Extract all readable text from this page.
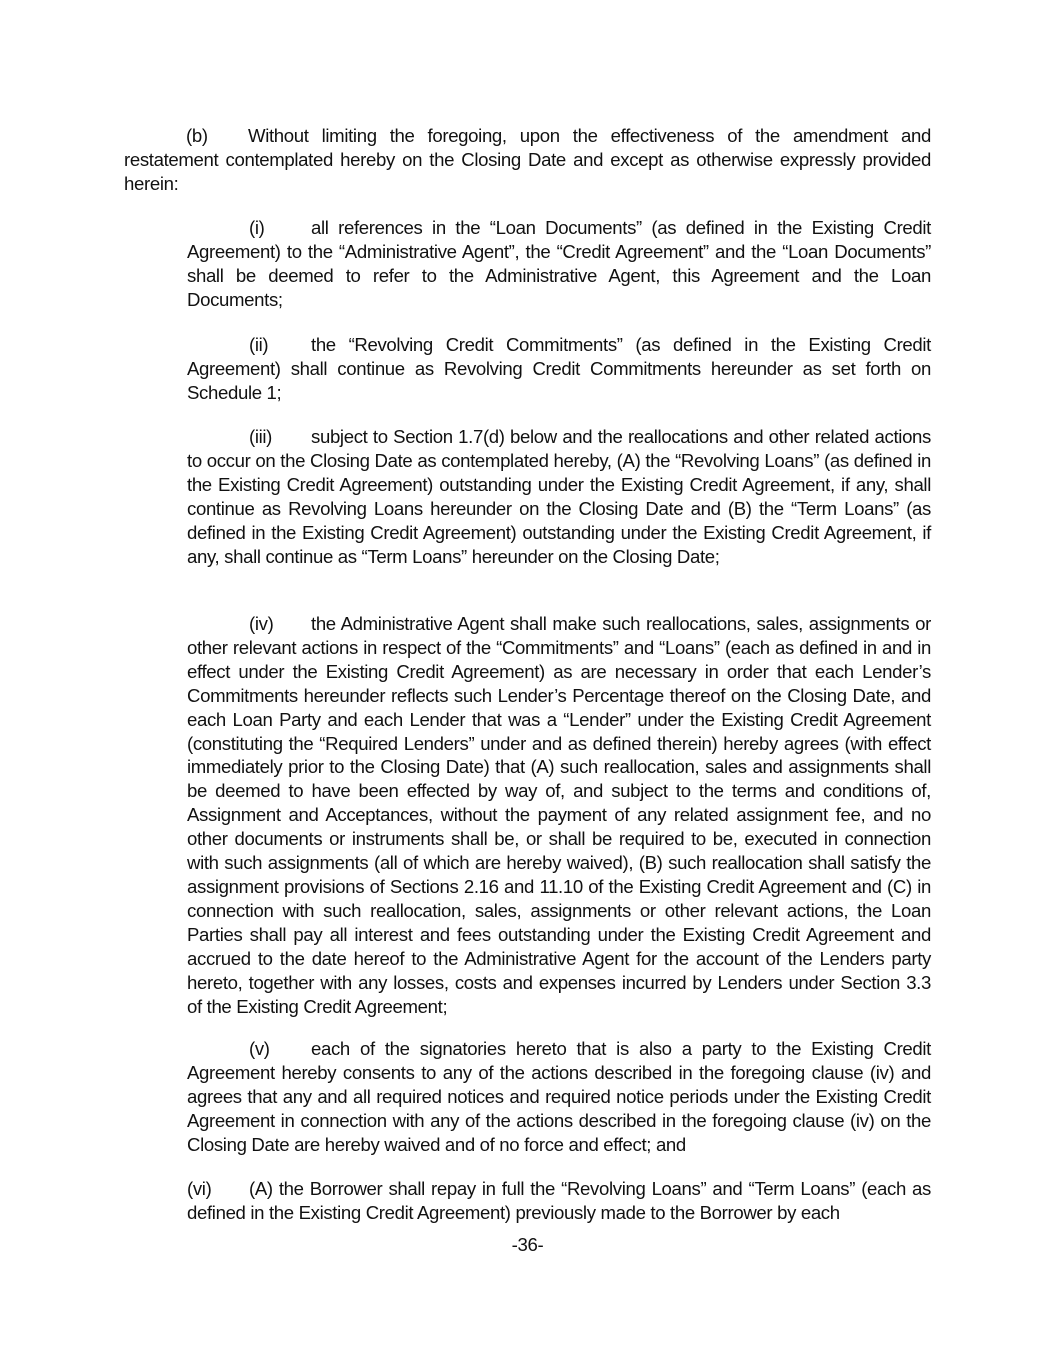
(b) Without limiting the foregoing, upon the effectiveness of the amendment and restatement contemplated hereby on the Closing Date and except as otherwise expressly provided herein:

(i)	all references in the “Loan Documents” (as defined in the Existing Credit Agreement) to the “Administrative Agent”, the “Credit Agreement” and the “Loan Documents” shall be deemed to refer to the Administrative Agent, this Agreement and the Loan Documents;

(ii) the “Revolving Credit Commitments” (as defined in the Existing Credit Agreement) shall continue as Revolving Credit Commitments hereunder as set forth on Schedule 1;

(iii) subject to Section 1.7(d) below and the reallocations and other related actions to occur on the Closing Date as contemplated hereby, (A) the “Revolving Loans” (as defined in the Existing Credit Agreement) outstanding under the Existing Credit Agreement, if any, shall continue as Revolving Loans hereunder on the Closing Date and (B) the “Term Loans” (as defined in the Existing Credit Agreement) outstanding under the Existing Credit Agreement, if any, shall continue as “Term Loans” hereunder on the Closing Date;

(iv) the Administrative Agent shall make such reallocations, sales, assignments or other relevant actions in respect of the “Commitments” and “Loans” (each as defined in and in effect under the Existing Credit Agreement) as are necessary in order that each Lender’s Commitments hereunder reflects such Lender’s Percentage thereof on the Closing Date, and each Loan Party and each Lender that was a “Lender” under the Existing Credit Agreement (constituting the “Required Lenders” under and as defined therein) hereby agrees (with effect immediately prior to the Closing Date) that (A) such reallocation, sales and assignments shall be deemed to have been effected by way of, and subject to the terms and conditions of, Assignment and Acceptances, without the payment of any related assignment fee, and no other documents or instruments shall be, or shall be required to be, executed in connection with such assignments (all of which are hereby waived), (B) such reallocation shall satisfy the assignment provisions of Sections 2.16 and 11.10 of the Existing Credit Agreement and (C) in connection with such reallocation, sales, assignments or other relevant actions, the Loan Parties shall pay all interest and fees outstanding under the Existing Credit Agreement and accrued to the date hereof to the Administrative Agent for the account of the Lenders party hereto, together with any losses, costs and expenses incurred by Lenders under Section 3.3 of the Existing Credit Agreement;

(v) each of the signatories hereto that is also a party to the Existing Credit Agreement hereby consents to any of the actions described in the foregoing clause (iv) and agrees that any and all required notices and required notice periods under the Existing Credit Agreement in connection with any of the actions described in the foregoing clause (iv) on the Closing Date are hereby waived and of no force and effect; and

(vi) (A) the Borrower shall repay in full the “Revolving Loans” and “Term Loans” (each as defined in the Existing Credit Agreement) previously made to the Borrower by each

-36-
